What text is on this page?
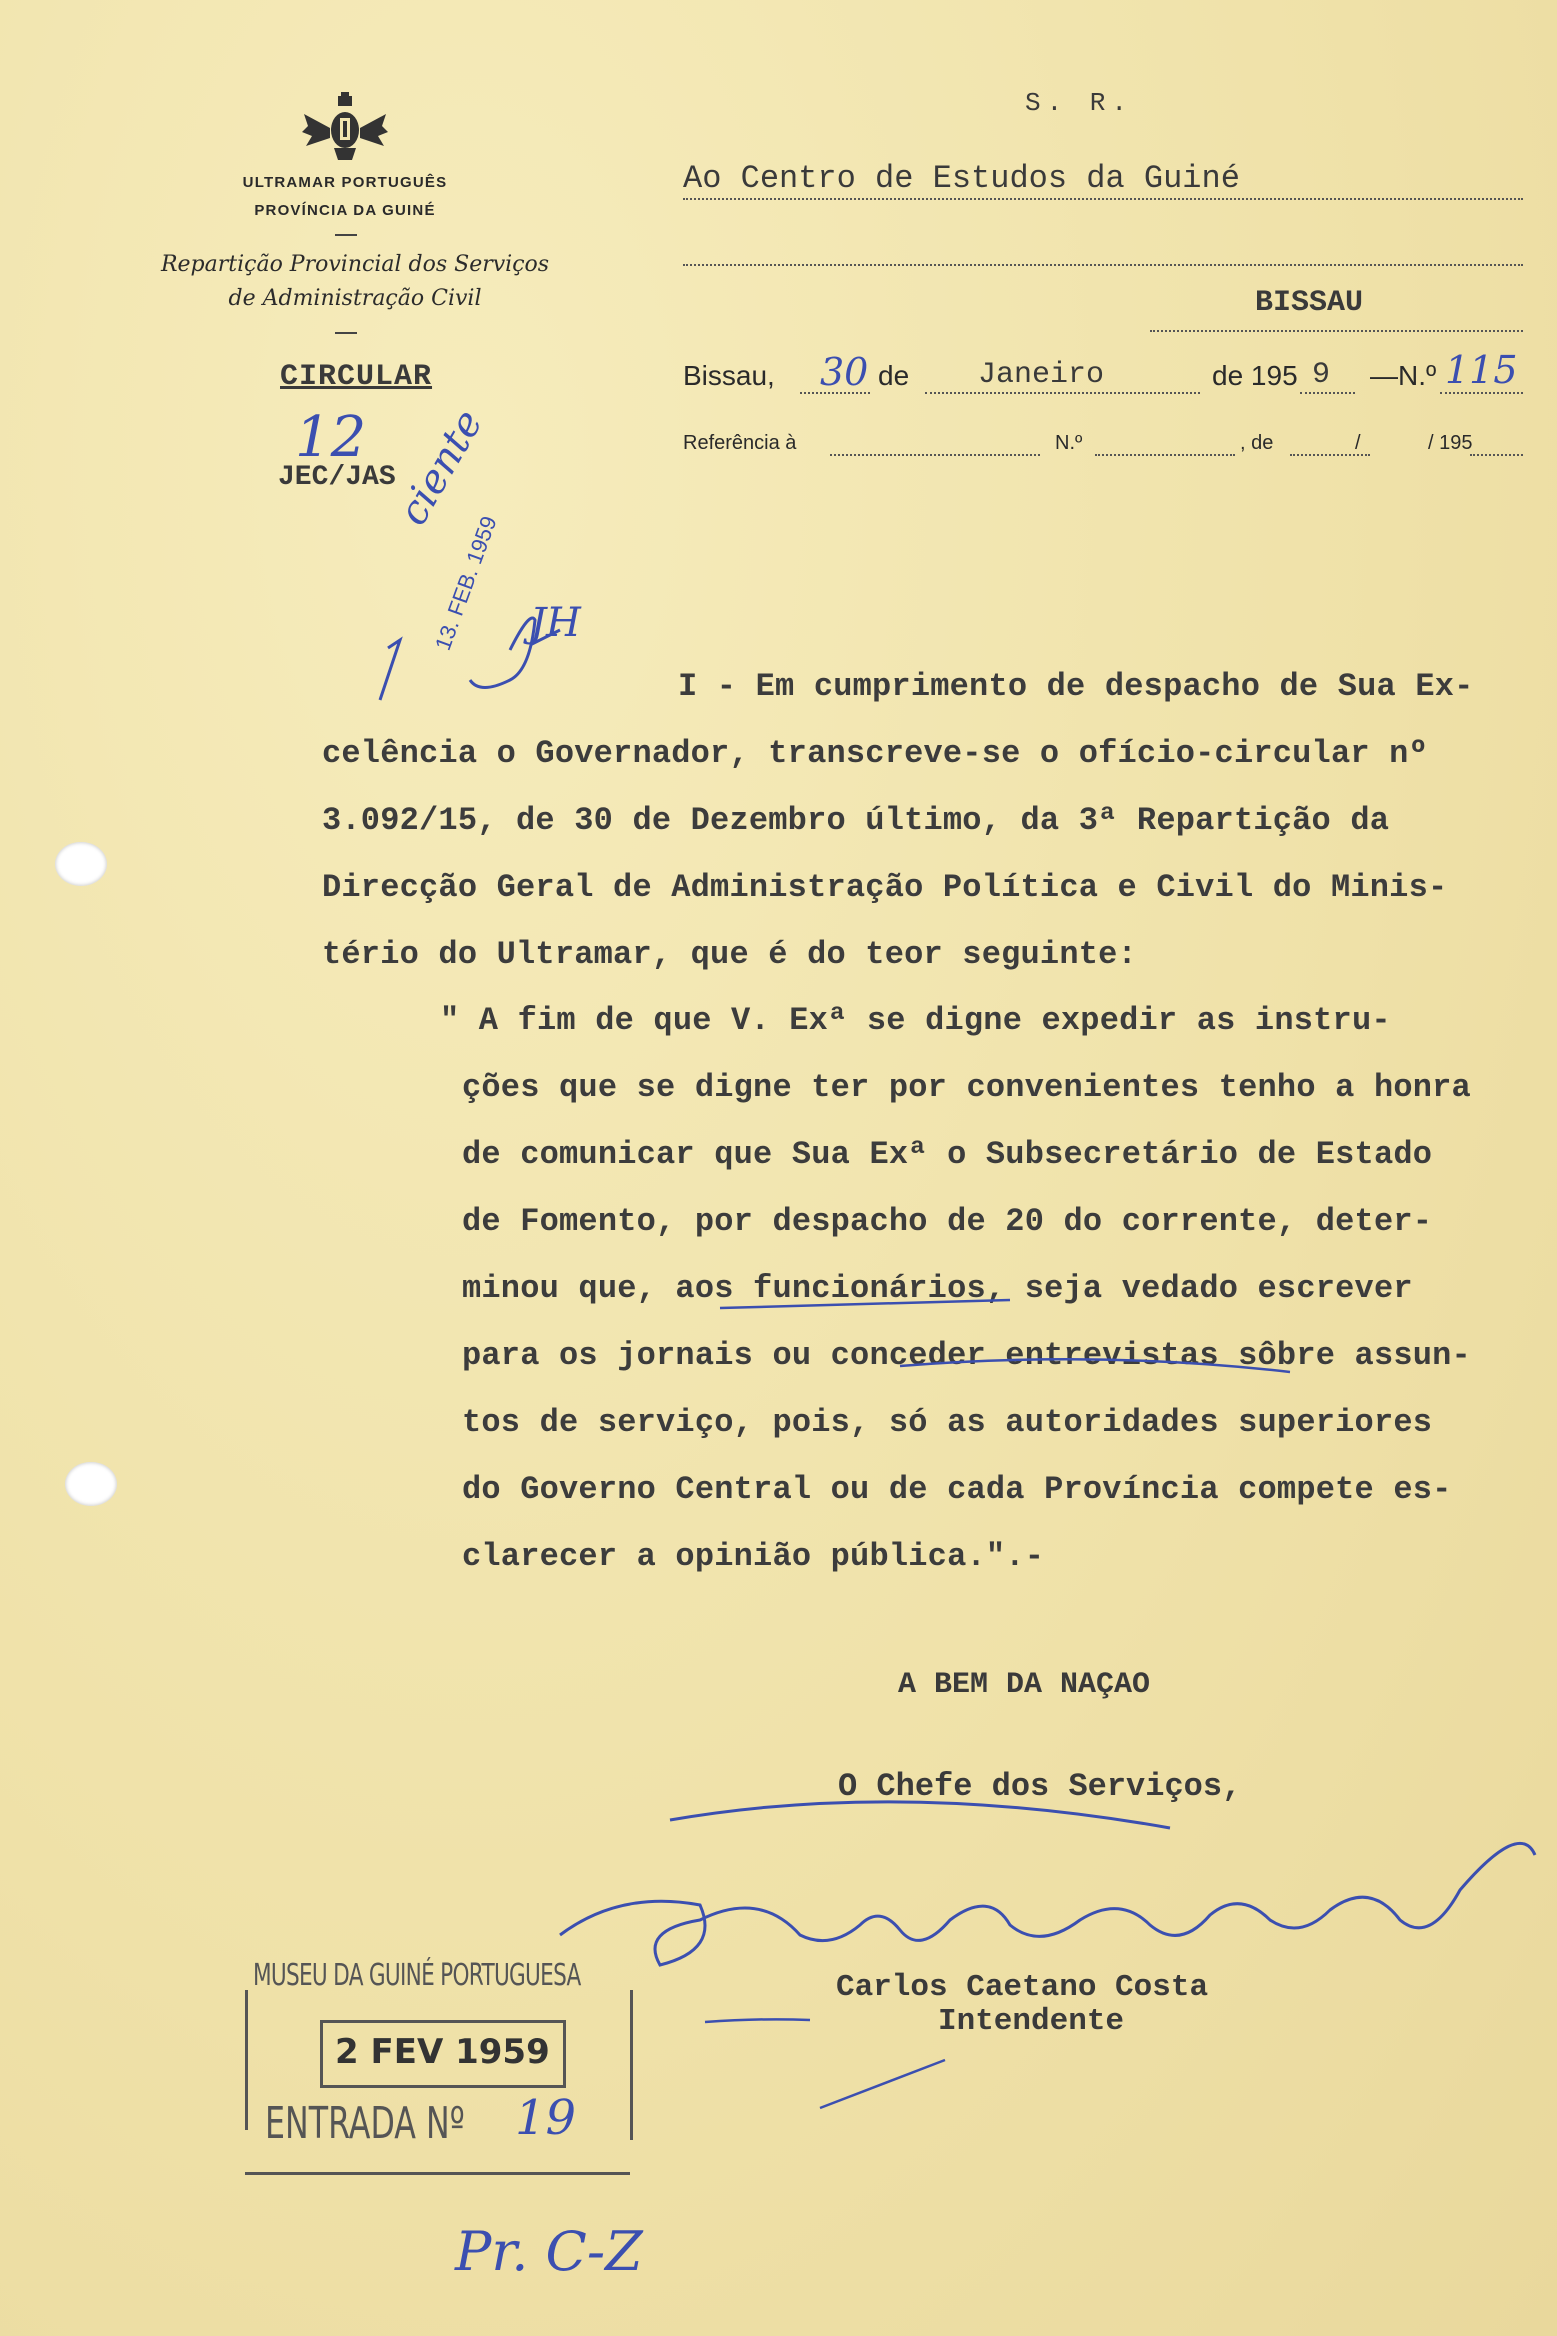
ULTRAMAR PORTUGUÊS
PROVÍNCIA DA GUINÉ
Repartição Provincial dos Serviços
de Administração Civil
CIRCULAR
12
JEC/JAS
S. R.
Ao Centro de Estudos da Guiné
BISSAU
Bissau, 30 de Janeiro	de 195 9 —N.º 115
Referência à	N.º	, de	/	/ 195
ciente
13. FEB. 1959 JH
I - Em cumprimento de despacho de Sua Ex-
celência o Governador, transcreve-se o ofício-circular nº
3.092/15, de 30 de Dezembro último, da 3ª Repartição da
Direcção Geral de Administração Política e Civil do Minis-
tério do Ultramar, que é do teor seguinte:
" A fim de que V. Exª se digne expedir as instru-
ções que se digne ter por convenientes tenho a honra
de comunicar que Sua Exª o Subsecretário de Estado
de Fomento, por despacho de 20 do corrente, deter-
minou que, aos funcionários, seja vedado escrever
para os jornais ou conceder entrevistas sôbre assun-
tos de serviço, pois, só as autoridades superiores
do Governo Central ou de cada Província compete es-
clarecer a opinião pública.".-
A BEM DA NAÇAO
O Chefe dos Serviços,
Carlos Caetano Costa
Intendente
MUSEU DA GUINÉ PORTUGUESA
2 FEV 1959
ENTRADA Nº 19
Pr. C-Z
